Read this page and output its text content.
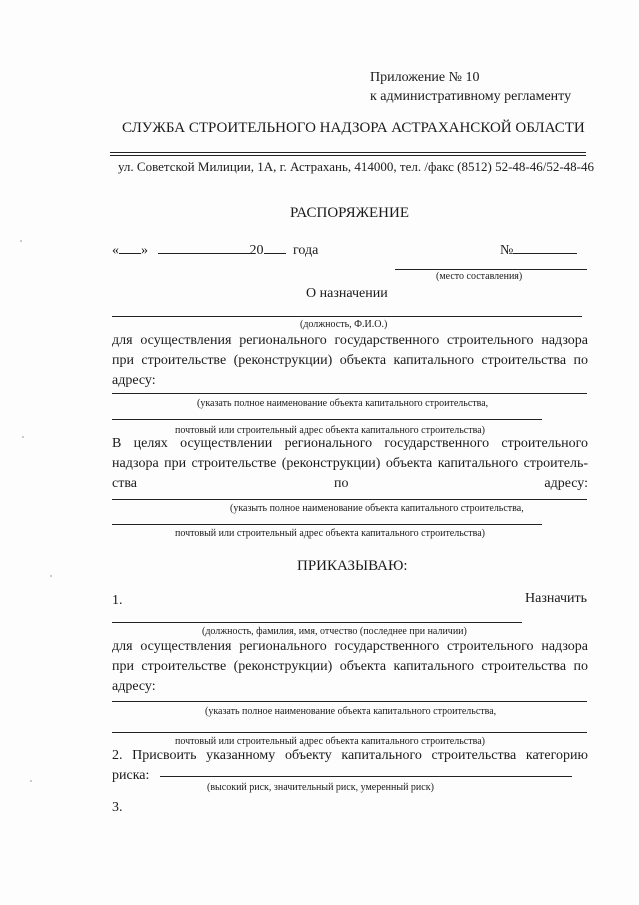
Приложение № 10
к административному регламенту
СЛУЖБА СТРОИТЕЛЬНОГО НАДЗОРА АСТРАХАНСКОЙ ОБЛАСТИ
ул. Советской Милиции, 1А, г. Астрахань, 414000, тел. /факс (8512) 52-48-46/52-48-46
РАСПОРЯЖЕНИЕ
« »	20 года	№
(место составления)
О назначении
(должность, Ф.И.О.)
для осуществления регионального государственного строительного надзора
при строительстве (реконструкции) объекта капитального строительства по
адресу:
(указать полное наименование объекта капитального строительства,
почтовый или строительный адрес объекта капитального строительства)
В целях осуществлении регионального государственного строительного
надзора при строительстве (реконструкции) объекта капитального строитель-
ства	по	адресу:
(указыть полное наименование объекта капитального строительства,
почтовый или строительный адрес объекта капитального строительства)
ПРИКАЗЫВАЮ:
1.	Назначить
(должность, фамилия, имя, отчество (последнее при наличии)
для осуществления регионального государственного строительного надзора
при строительстве (реконструкции) объекта капитального строительства по
адресу:
(указать полное наименование объекта капитального строительства,
почтовый или строительный адрес объекта капитального строительства)
2. Присвоить указанному объекту капитального строительства категорию
риска:
(высокий риск, значительный риск, умеренный риск)
3.
